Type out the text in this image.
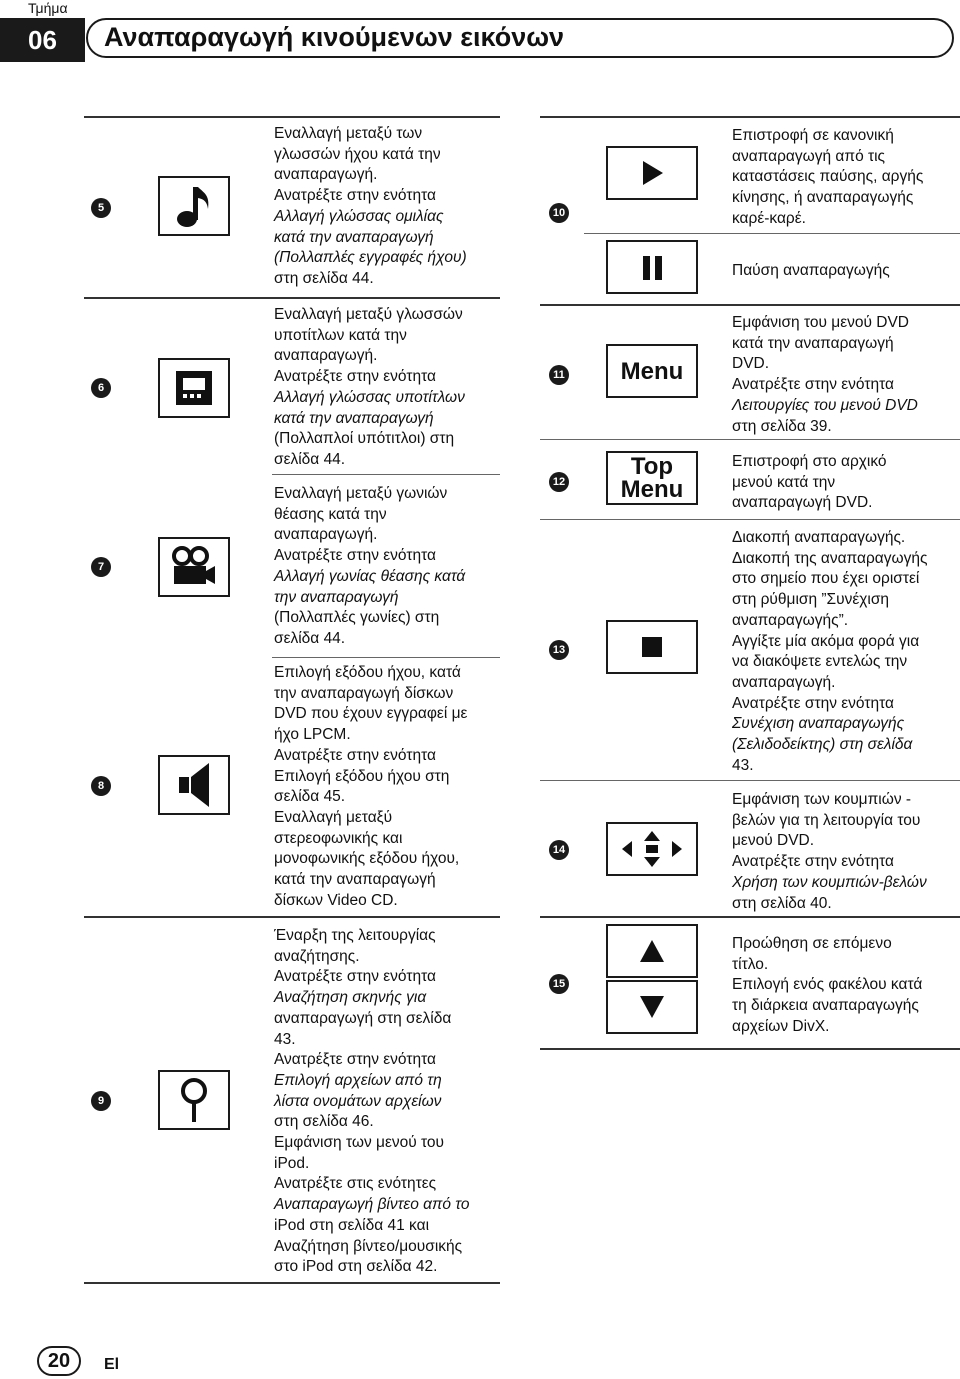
Τμήμα
06	Αναπαραγωγή κινούμενων εικόνων
5
Εναλλαγή μεταξύ των
γλωσσών ήχου κατά την
αναπαραγωγή.
Ανατρέξτε στην ενότητα
Αλλαγή γλώσσας ομιλίας
κατά την αναπαραγωγή
(Πολλαπλές εγγραφές ήχου)
στη σελίδα 44.
6
Εναλλαγή μεταξύ γλωσσών
υποτίτλων κατά την
αναπαραγωγή.
Ανατρέξτε στην ενότητα
Αλλαγή γλώσσας υποτίτλων
κατά την αναπαραγωγή
(Πολλαπλοί υπότιτλοι) στη
σελίδα 44.
7
Εναλλαγή μεταξύ γωνιών
θέασης κατά την
αναπαραγωγή.
Ανατρέξτε στην ενότητα
Αλλαγή γωνίας θέασης κατά
την αναπαραγωγή
(Πολλαπλές γωνίες) στη
σελίδα 44.
8
Επιλογή εξόδου ήχου, κατά
την αναπαραγωγή δίσκων
DVD που έχουν εγγραφεί με
ήχο LPCM.
Ανατρέξτε στην ενότητα
Επιλογή εξόδου ήχου στη
σελίδα 45.
Εναλλαγή μεταξύ
στερεοφωνικής και
μονοφωνικής εξόδου ήχου,
κατά την αναπαραγωγή
δίσκων Video CD.
9
Έναρξη της λειτουργίας
αναζήτησης.
Ανατρέξτε στην ενότητα
Αναζήτηση σκηνής για
αναπαραγωγή στη σελίδα
43.
Ανατρέξτε στην ενότητα
Επιλογή αρχείων από τη
λίστα ονομάτων αρχείων
στη σελίδα 46.
Εμφάνιση των μενού του
iPod.
Ανατρέξτε στις ενότητες
Αναπαραγωγή βίντεο από το
iPod στη σελίδα 41 και
Αναζήτηση βίντεο/μουσικής
στο iPod στη σελίδα 42.
10
Επιστροφή σε κανονική
αναπαραγωγή από τις
καταστάσεις παύσης, αργής
κίνησης, ή αναπαραγωγής
καρέ-καρέ.
Παύση αναπαραγωγής
11 Menu
Εμφάνιση του μενού DVD
κατά την αναπαραγωγή
DVD.
Ανατρέξτε στην ενότητα
Λειτουργίες του μενού DVD
στη σελίδα 39.
12
Top
Menu
Επιστροφή στο αρχικό
μενού κατά την
αναπαραγωγή DVD.
13
Διακοπή αναπαραγωγής.
Διακοπή της αναπαραγωγής
στο σημείο που έχει οριστεί
στη ρύθμιση ”Συνέχιση
αναπαραγωγής”.
Αγγίξτε μία ακόμα φορά για
να διακόψετε εντελώς την
αναπαραγωγή.
Ανατρέξτε στην ενότητα
Συνέχιση αναπαραγωγής
(Σελιδοδείκτης) στη σελίδα
43.
14
Εμφάνιση των κουμπιών -
βελών για τη λειτουργία του
μενού DVD.
Ανατρέξτε στην ενότητα
Χρήση των κουμπιών-βελών
στη σελίδα 40.
15
Προώθηση σε επόμενο
τίτλο.
Επιλογή ενός φακέλου κατά
τη διάρκεια αναπαραγωγής
αρχείων DivX.
20	El
